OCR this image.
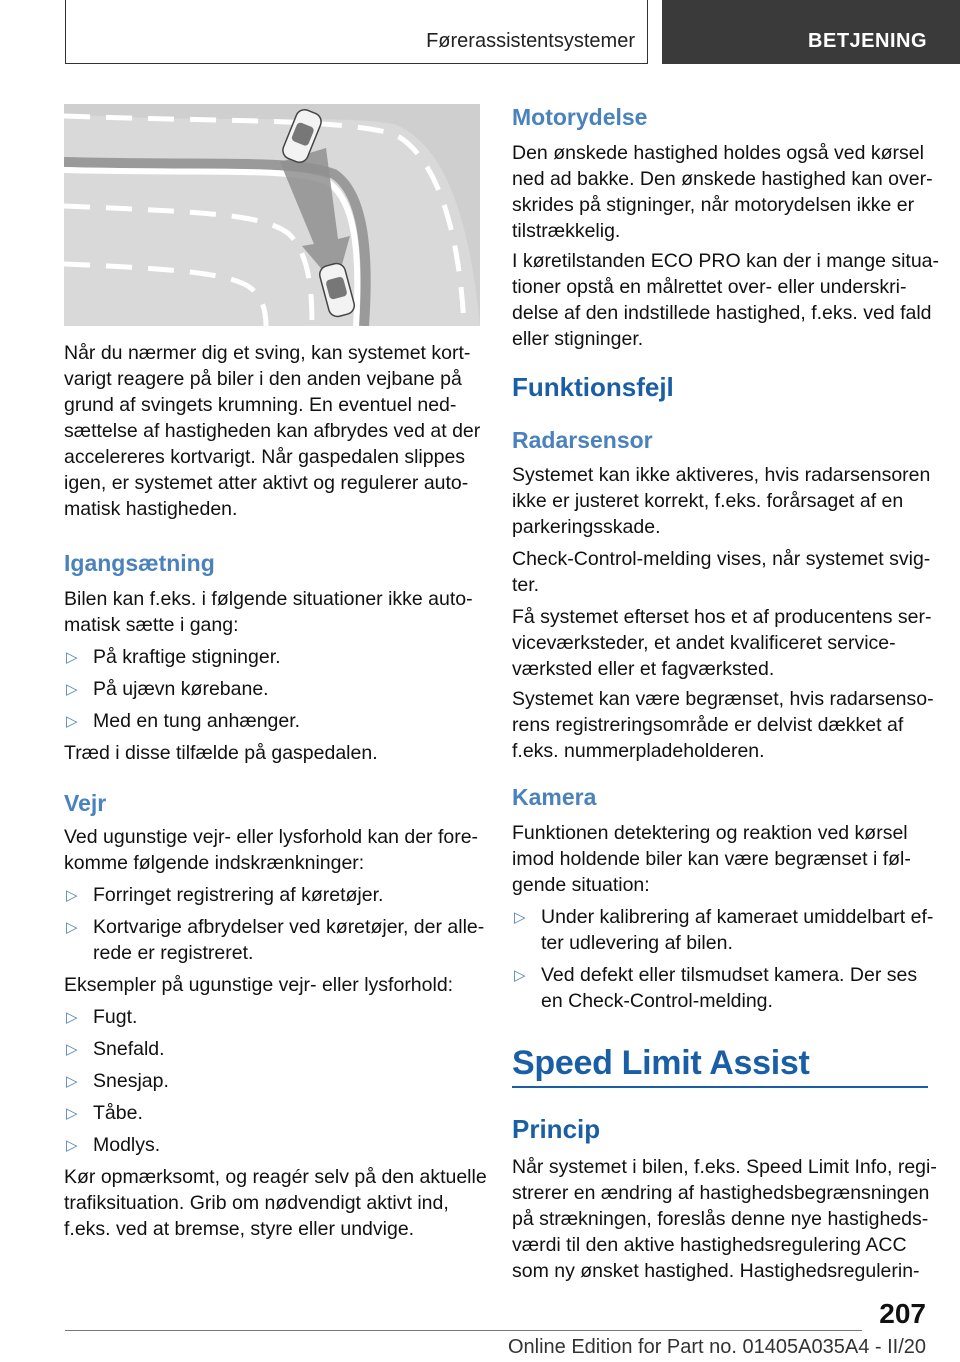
Førerassistentsystemer	BETJENING

Når du nærmer dig et sving, kan systemet kort‐

varigt reagere på biler i den anden vejbane på

grund af svingets krumning. En eventuel ned‐

sættelse af hastigheden kan afbrydes ved at der

accelereres kortvarigt. Når gaspedalen slippes

igen, er systemet atter aktivt og regulerer auto‐

matisk hastigheden.

Igangsætning

Bilen kan f.eks. i følgende situationer ikke auto‐

matisk sætte i gang:

▷ På kraftige stigninger.

▷ På ujævn kørebane.

▷ Med en tung anhænger.

Træd i disse tilfælde på gaspedalen.

Vejr

Ved ugunstige vejr- eller lysforhold kan der fore‐

komme følgende indskrænkninger:

▷ Forringet registrering af køretøjer.

▷ Kortvarige afbrydelser ved køretøjer, der alle‐

rede er registreret.

Eksempler på ugunstige vejr- eller lysforhold:

▷ Fugt.

▷ Snefald.

▷ Snesjap.

▷ Tåbe.

▷ Modlys.

Kør opmærksomt, og reagér selv på den aktuelle

trafiksituation. Grib om nødvendigt aktivt ind,

f.eks. ved at bremse, styre eller undvige.

Motorydelse

Den ønskede hastighed holdes også ved kørsel

ned ad bakke. Den ønskede hastighed kan over‐

skrides på stigninger, når motorydelsen ikke er

tilstrækkelig.

I køretilstanden ECO PRO kan der i mange situa‐

tioner opstå en målrettet over- eller underskri‐

delse af den indstillede hastighed, f.eks. ved fald

eller stigninger.

Funktionsfejl
Radarsensor

Systemet kan ikke aktiveres, hvis radarsensoren

ikke er justeret korrekt, f.eks. forårsaget af en

parkeringsskade.

Check-Control-melding vises, når systemet svig‐

ter.

Få systemet efterset hos et af producentens ser‐

viceværksteder, et andet kvalificeret service‐

værksted eller et fagværksted.

Systemet kan være begrænset, hvis radarsenso‐

rens registreringsområde er delvist dækket af

f.eks. nummerpladeholderen.

Kamera

Funktionen detektering og reaktion ved kørsel

imod holdende biler kan være begrænset i føl‐

gende situation:

▷ Under kalibrering af kameraet umiddelbart ef‐

ter udlevering af bilen.

▷ Ved defekt eller tilsmudset kamera. Der ses

en Check-Control-melding.

Speed Limit Assist
Princip

Når systemet i bilen, f.eks. Speed Limit Info, regi‐

strerer en ændring af hastighedsbegrænsningen

på strækningen, foreslås denne nye hastigheds‐

værdi til den aktive hastighedsregulering ACC

som ny ønsket hastighed. Hastighedsregulerin‐

207
Online Edition for Part no. 01405A035A4 - II/20
